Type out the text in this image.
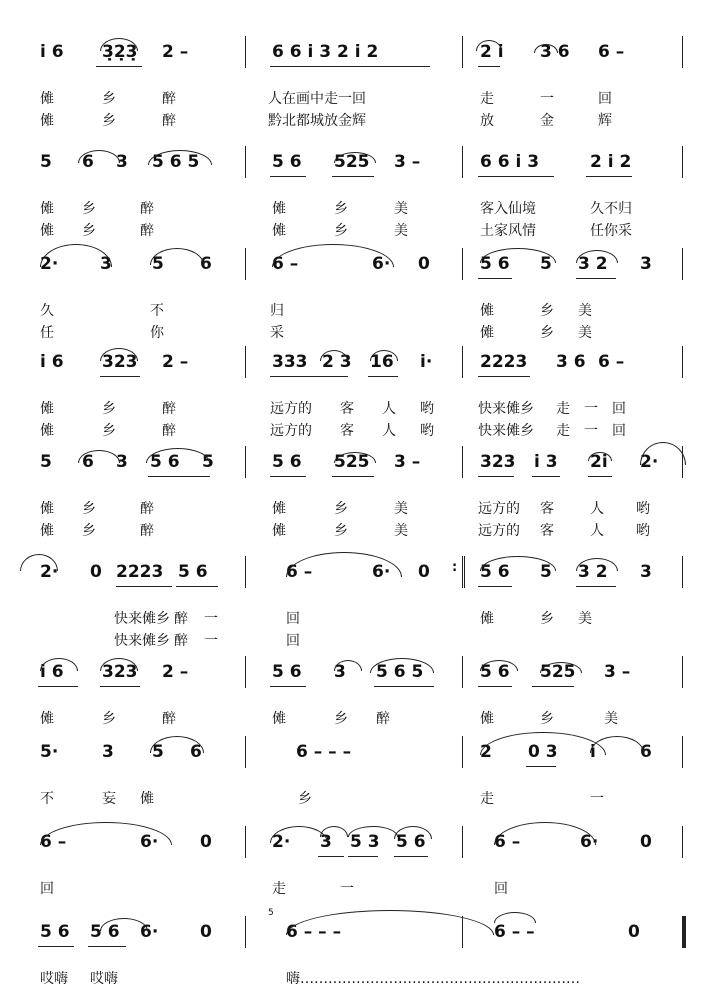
i 6 3̣2̣3̣ 2 –	6 6 i 3 2 i 2	2 i 3 6 6 –
傩	乡	醉	人在画中走一回	走	一	回
傩	乡	醉	黔北都城放金辉	放	金	辉
5 6 3 5 6 5	5 6 525 3 –	6 6 i 3	2 i 2
傩 乡	醉	傩	乡	美	客入仙境	久不归
傩 乡	醉	傩	乡	美	土家风情	任你采
2· 3 5 6	6 –	6· 0	5 6 5 3 2 3
久	不	归	傩	乡 美
任	你	采	傩	乡 美
i 6 323 2 –	333 2 3 16 i·	2223 3 6 6 –
傩	乡	醉	远方的 客 人 哟	快来傩乡 走 一 回
傩	乡	醉	远方的 客 人 哟	快来傩乡 走 一 回
5 6 3 5 6 5	5 6 525 3 –	323 i 3 2i 2·
傩 乡	醉	傩	乡	美	远方的 客	人 哟
傩 乡	醉	傩	乡	美	远方的 客	人 哟
:
2· 0 2223 5 6	6 –	6· 0	5 6 5 3 2 3
快来傩乡 醉 一	回	傩	乡 美
快来傩乡 醉 一	回
i 6 323 2 –	5 6 3 5 6 5	5 6 525 3 –
傩	乡	醉	傩	乡 醉	傩	乡	美
5·	3 5 6	6 – – –	2 0 3 i	6
不	妄 傩	乡	走	一
6 –	6· 0	2· 3 5 3 5 6	6 –	6· 0
回	走	一	回
5 6 5 6 6· 0	6 – – –	6 – –	0
哎嗨 哎嗨	嗨……………………………………………………
5
